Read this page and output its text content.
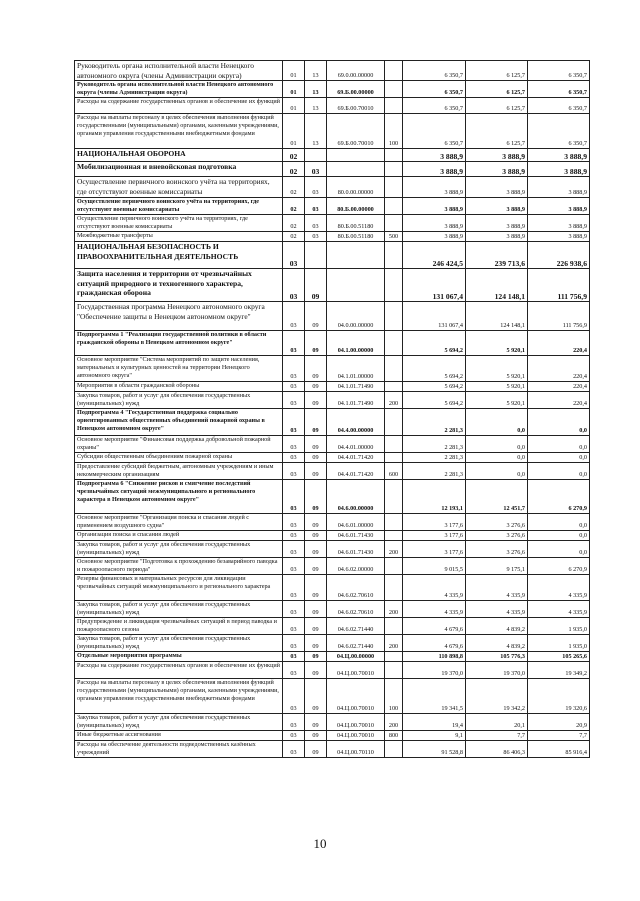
Руководитель органа исполнительной власти Ненецкого автономного округа (члены Администрации округа)	01	13	69.0.00.00000		6 350,7	6 125,7	6 350,7
Руководитель органа исполнительной власти Ненецкого автономного округа (члены Администрации округа)	01	13	69.Б.00.00000		6 350,7	6 125,7	6 350,7
Расходы на содержание государственных органов и обеспечение их функций	01	13	69.Б.00.70010		6 350,7	6 125,7	6 350,7
Расходы на выплаты персоналу в целях обеспечения выполнения функций государственными (муниципальными) органами, казенными учреждениями, органами управления государственными внебюджетными фондами	01	13	69.Б.00.70010	100	6 350,7	6 125,7	6 350,7
НАЦИОНАЛЬНАЯ ОБОРОНА	02				3 888,9	3 888,9	3 888,9
Мобилизационная и вневойсковая подготовка	02	03			3 888,9	3 888,9	3 888,9
Осуществление первичного воинского учёта на территориях, где отсутствуют военные комиссариаты	02	03	80.0.00.00000		3 888,9	3 888,9	3 888,9
Осуществление первичного воинского учёта на территориях, где отсутствуют военные комиссариаты	02	03	80.Б.00.00000		3 888,9	3 888,9	3 888,9
Осуществление первичного воинского учёта на территориях, где отсутствуют военные комиссариаты	02	03	80.Б.00.51180		3 888,9	3 888,9	3 888,9
Межбюджетные трансферты	02	03	80.Б.00.51180	500	3 888,9	3 888,9	3 888,9
НАЦИОНАЛЬНАЯ БЕЗОПАСНОСТЬ И ПРАВООХРАНИТЕЛЬНАЯ ДЕЯТЕЛЬНОСТЬ	03				246 424,5	239 713,6	226 938,6
Защита населения и территории от чрезвычайных ситуаций природного и техногенного характера, гражданская оборона	03	09			131 067,4	124 148,1	111 756,9
Государственная программа Ненецкого автономного округа "Обеспечение защиты в Ненецком автономном округе"	03	09	04.0.00.00000		131 067,4	124 148,1	111 756,9
Подпрограмма 1 "Реализация государственной политики в области гражданской обороны в Ненецком автономном округе"	03	09	04.1.00.00000		5 694,2	5 920,1	220,4
Основное мероприятие "Система мероприятий по защите населения, материальных и культурных ценностей на территории Ненецкого автономного округа"	03	09	04.1.01.00000		5 694,2	5 920,1	220,4
Мероприятия в области гражданской обороны	03	09	04.1.01.71490		5 694,2	5 920,1	220,4
Закупка товаров, работ и услуг для обеспечения государственных (муниципальных) нужд	03	09	04.1.01.71490	200	5 694,2	5 920,1	220,4
Подпрограмма 4 "Государственная поддержка социально ориентированных общественных объединений пожарной охраны в Ненецком автономном округе"	03	09	04.4.00.00000		2 281,3	0,0	0,0
Основное мероприятие "Финансовая поддержка добровольной пожарной охраны"	03	09	04.4.01.00000		2 281,3	0,0	0,0
Субсидии общественным объединениям пожарной охраны	03	09	04.4.01.71420		2 281,3	0,0	0,0
Предоставление субсидий бюджетным, автономным учреждениям и иным некоммерческим организациям	03	09	04.4.01.71420	600	2 281,3	0,0	0,0
Подпрограмма 6 "Снижение рисков и смягчение последствий чрезвычайных ситуаций межмуниципального и регионального характера в Ненецком автономном округе"	03	09	04.6.00.00000		12 193,1	12 451,7	6 270,9
Основное мероприятие "Организация поиска и спасания людей с применением воздушного судна"	03	09	04.6.01.00000		3 177,6	3 276,6	0,0
Организация поиска и спасания людей	03	09	04.6.01.71430		3 177,6	3 276,6	0,0
Закупка товаров, работ и услуг для обеспечения государственных (муниципальных) нужд	03	09	04.6.01.71430	200	3 177,6	3 276,6	0,0
Основное мероприятие "Подготовка к прохождению безаварийного паводка и пожароопасного периода"	03	09	04.6.02.00000		9 015,5	9 175,1	6 270,9
Резервы финансовых и материальных ресурсов для ликвидации чрезвычайных ситуаций межмуниципального и регионального характера	03	09	04.6.02.70610		4 335,9	4 335,9	4 335,9
Закупка товаров, работ и услуг для обеспечения государственных (муниципальных) нужд	03	09	04.6.02.70610	200	4 335,9	4 335,9	4 335,9
Предупреждение и ликвидация чрезвычайных ситуаций в период паводка и пожароопасного сезона	03	09	04.6.02.71440		4 679,6	4 839,2	1 935,0
Закупка товаров, работ и услуг для обеспечения государственных (муниципальных) нужд	03	09	04.6.02.71440	200	4 679,6	4 839,2	1 935,0
Отдельные мероприятия программы	03	09	04.Ц.00.00000		110 898,8	105 776,3	105 265,6
Расходы на содержание государственных органов и обеспечение их функций	03	09	04.Ц.00.70010		19 370,0	19 370,0	19 349,2
Расходы на выплаты персоналу в целях обеспечения выполнения функций государственными (муниципальными) органами, казенными учреждениями, органами управления государственными внебюджетными фондами	03	09	04.Ц.00.70010	100	19 341,5	19 342,2	19 320,6
Закупка товаров, работ и услуг для обеспечения государственных (муниципальных) нужд	03	09	04.Ц.00.70010	200	19,4	20,1	20,9
Иные бюджетные ассигнования	03	09	04.Ц.00.70010	800	9,1	7,7	7,7
Расходы на обеспечение деятельности подведомственных казённых учреждений	03	09	04.Ц.00.70110		91 528,8	86 406,3	85 916,4
10
